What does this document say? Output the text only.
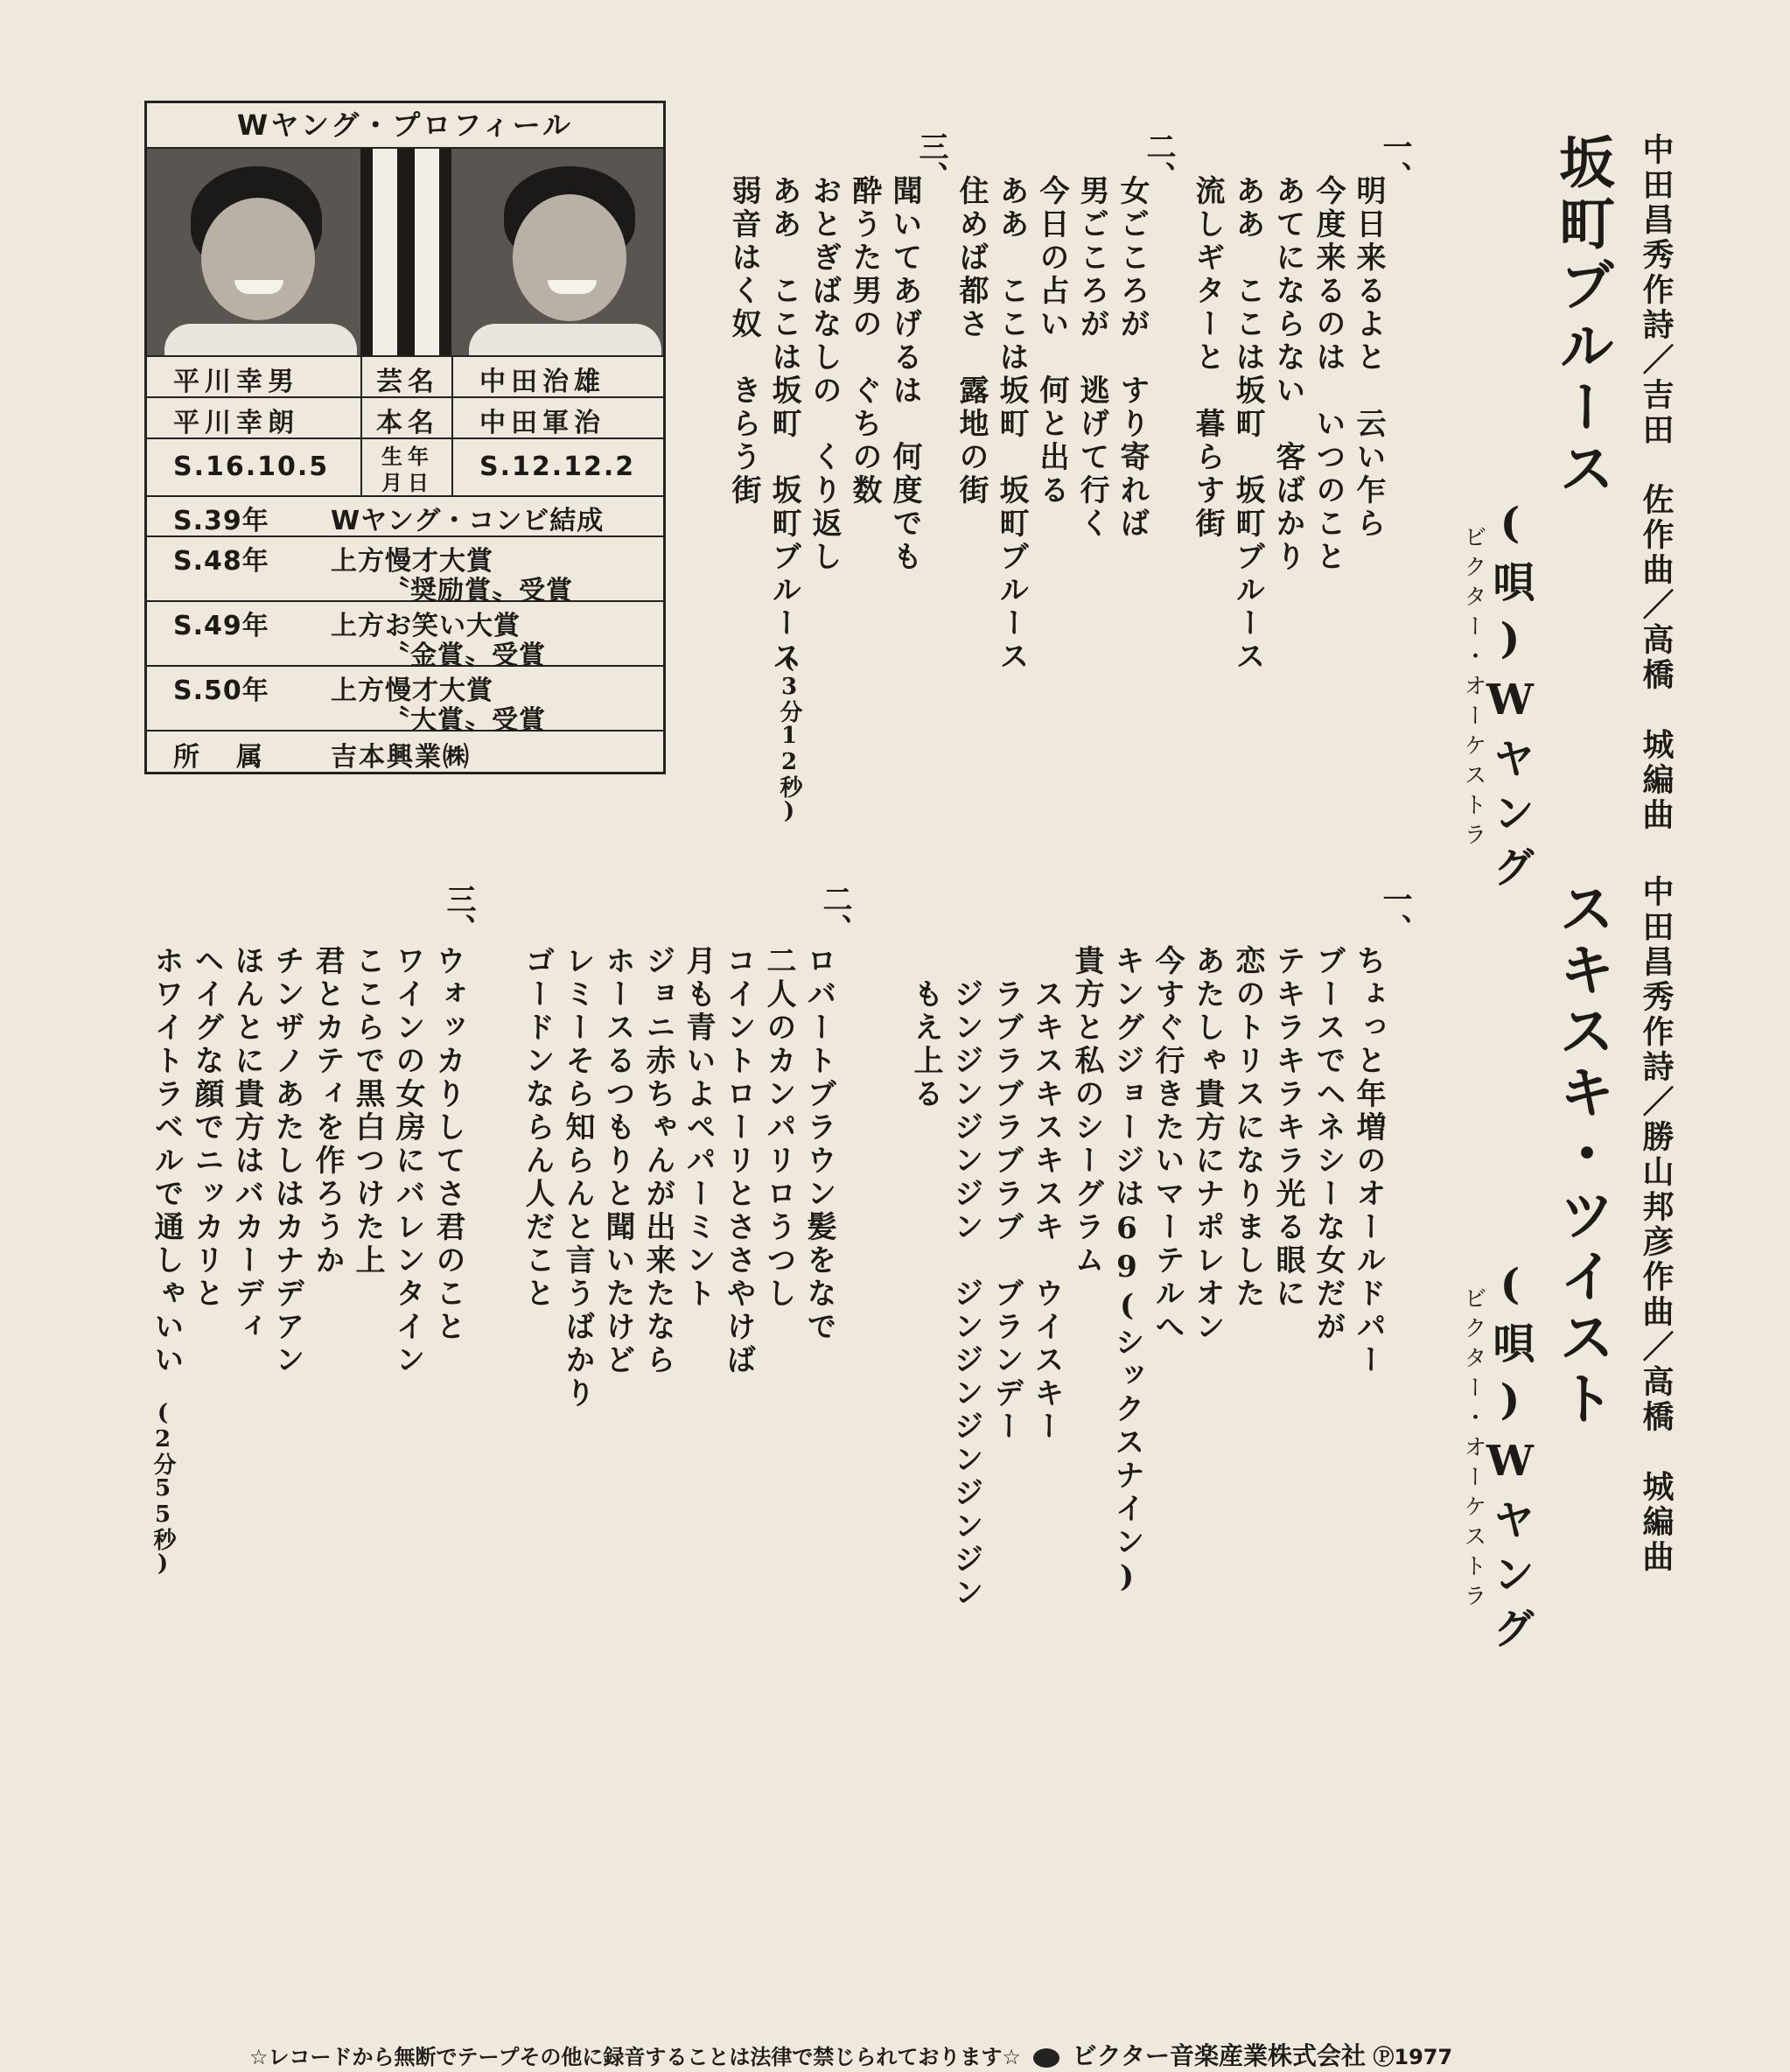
中田昌秀作詩／吉田　佐作曲／高橋　城編曲
坂町ブルース
(唄)Wヤング
ビクター・オーケストラ
一、
明日来るよと　云い乍ら
今度来るのは　いつのこと
あてにならない　客ばかり
ああ　ここは坂町　坂町ブルース
流しギターと　暮らす街
二、
女ごころが　すり寄れば
男ごころが　逃げて行く
今日の占い　何と出る
ああ　ここは坂町　坂町ブルース
住めば都さ　露地の街
三、
聞いてあげるは　何度でも
酔うた男の　ぐちの数
おとぎばなしの　くり返し
ああ　ここは坂町　坂町ブルース
弱音はく奴　きらう街
(3分12秒)
Wヤング・プロフィール
平川幸男	芸名 中田治雄
平川幸朗	本名 中田軍治
S.16.10.5 生年
月日
S.12.12.2
S.39年 Wヤング・コンビ結成
S.48年 上方慢才大賞
〝奨励賞〟受賞
S.49年 上方お笑い大賞
〝金賞〟受賞
S.50年 上方慢才大賞
〝大賞〟受賞
所　属 吉本興業㈱
中田昌秀作詩／勝山邦彦作曲／高橋　城編曲
スキスキ・ツイスト
(唄)Wヤング
ビクター・オーケストラ
一、
ちょっと年増のオールドパー
ブースでヘネシーな女だが
テキラキラキラ光る眼に
恋のトリスになりました
あたしゃ貴方にナポレオン
今すぐ行きたいマーテルへ
キングジョージは69(シックスナイン)
貴方と私のシーグラム
　スキスキスキスキ　ウイスキー
　ラブラブラブラブ　ブランデー
　ジンジンジンジン　ジンジンジンジンジン
　もえ上る
二、
ロバートブラウン髪をなで
二人のカンパリロうつし
コイントローリとささやけば
月も青いよペパーミント
ジョニ赤ちゃんが出来たなら
ホースるつもりと聞いたけど
レミーそら知らんと言うばかり
ゴードンならん人だこと
三、
ウォッカりしてさ君のこと
ワインの女房にバレンタイン
ここらで黒白つけた上
君とカティを作ろうか
チンザノあたしはカナデアン
ほんとに貴方はバカーディ
ヘイグな顔でニッカリと
ホワイトラベルで通しゃいい
(2分55秒)
☆レコードから無断でテープその他に録音することは法律で禁じられております☆ ビクター音楽産業株式会社 Ⓟ1977
